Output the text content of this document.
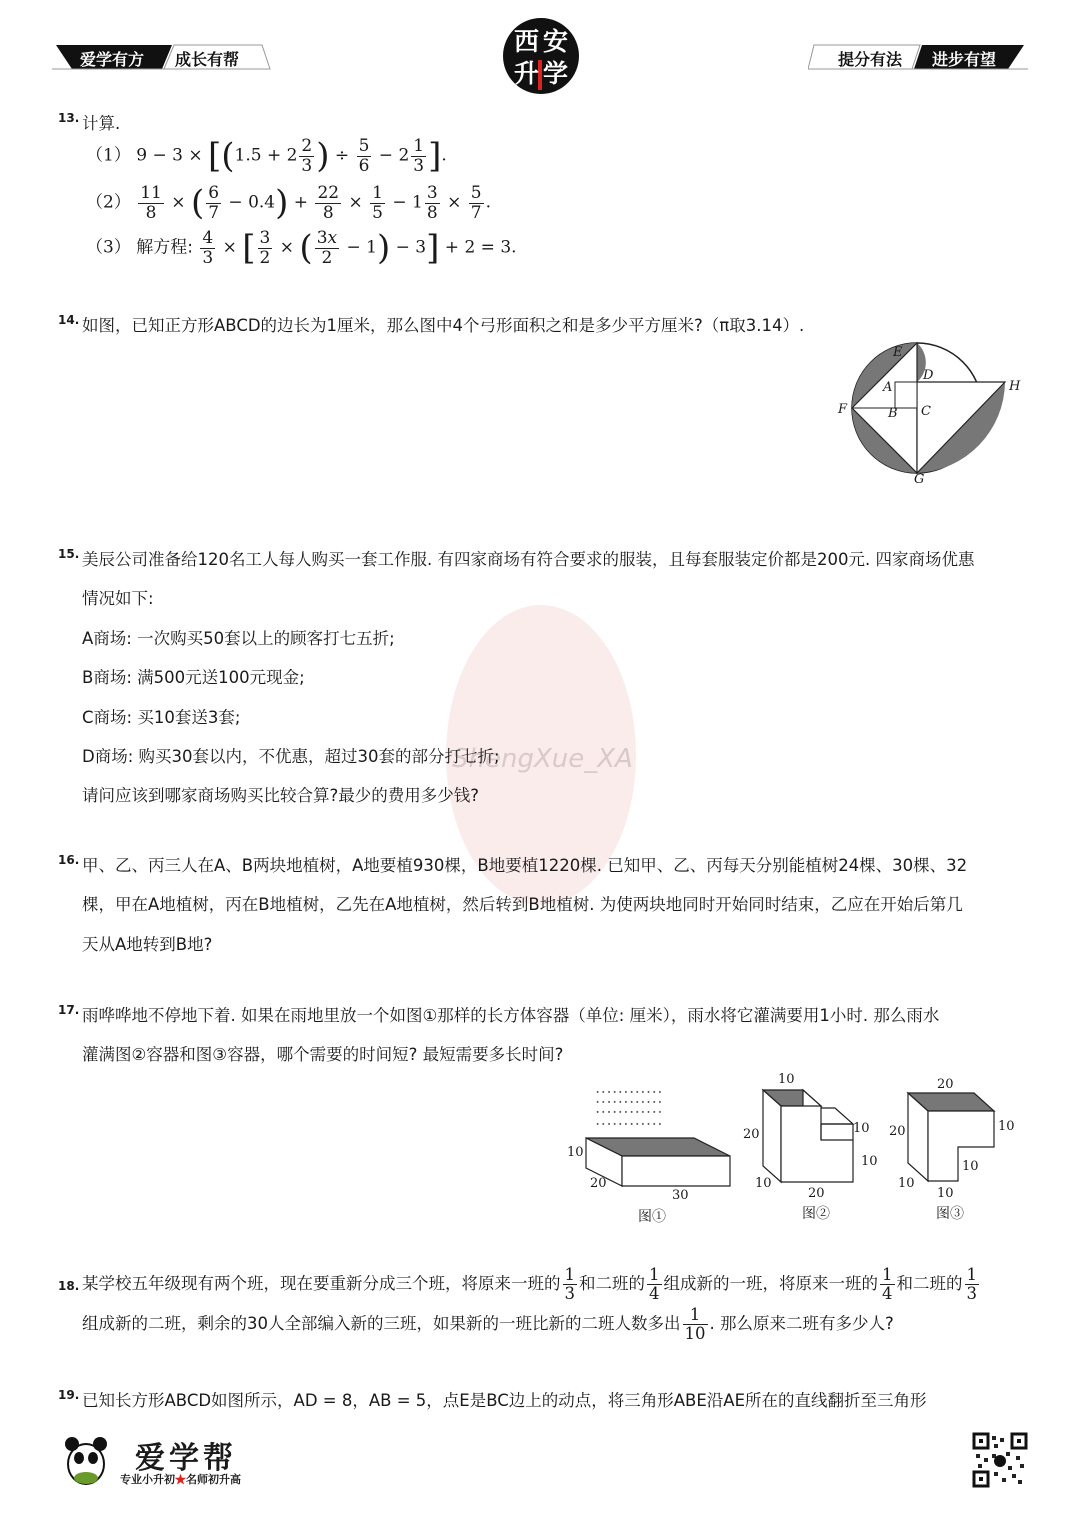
爱学有方 成长有帮
西 安
升 学	提分有法 进步有望
ShengXue_XA
13. 计算.
（1） $9 - 3 \times [(1.5 + 2 \frac{2}{3}$ ) ÷ $\frac{5}{6} - 2 \frac{1}{3}$ ].
$(2) \frac{11}{8}$ × ( $\frac{6}{7} - 0.4) + \frac{22}{8} \times \frac{1}{5} - 1 \frac{3}{8} \times \frac{5}{7}$ .
（3） 解方程: $\frac{4}{3}$ × [ $\frac{3}{2}$ × ( $\frac{3x}{2} - 1) - 3] + 2 = 3$.
14. 如图，已知正方形ABCD的边长为1厘米，那么图中4个弓形面积之和是多少平方厘米?（π取3.14）.
E
D
H
A
F	B C
G
15. 美辰公司准备给120名工人每人购买一套工作服. 有四家商场有符合要求的服装，且每套服装定价都是200元. 四家商场优惠
情况如下:
A商场: 一次购买50套以上的顾客打七五折;
B商场: 满500元送100元现金;
C商场: 买10套送3套;
D商场: 购买30套以内，不优惠，超过30套的部分打七折;
请问应该到哪家商场购买比较合算?最少的费用多少钱?
16. 甲、乙、丙三人在A、B两块地植树，A地要植930棵，B地要植1220棵. 已知甲、乙、丙每天分别能植树24棵、30棵、32
棵，甲在A地植树，丙在B地植树，乙先在A地植树，然后转到B地植树. 为使两块地同时开始同时结束，乙应在开始后第几
天从A地转到B地?
17. 雨哗哗地不停地下着. 如果在雨地里放一个如图①那样的长方体容器（单位: 厘米），雨水将它灌满要用1小时. 那么雨水
灌满图②容器和图③容器，哪个需要的时间短? 最短需要多长时间?
∙ ∙ ∙ ∙ ∙ ∙ ∙ ∙ ∙ ∙ ∙ ∙
∙ ∙ ∙ ∙ ∙ ∙ ∙ ∙ ∙ ∙ ∙ ∙
∙ ∙ ∙ ∙ ∙ ∙ ∙ ∙ ∙ ∙ ∙ ∙
∙ ∙ ∙ ∙ ∙ ∙ ∙ ∙ ∙ ∙ ∙ ∙
10
20
30
图①
10
20	10
10
10
20
图②
20
20	10
10
10
10
图③
18. 某学校五年级现有两个班，现在要重新分成三个班，将原来一班的 $\frac{1}{3}$ 和二班的 $\frac{1}{4}$ 组成新的一班，将原来一班的 $\frac{1}{4}$ 和二班的 $\frac{1}{3}$
组成新的二班，剩余的30人全部编入新的三班，如果新的一班比新的二班人数多出 $\frac{1}{10}$ . 那么原来二班有多少人?
19. 已知长方形ABCD如图所示，AD = 8，AB = 5，点E是BC边上的动点，将三角形ABE沿AE所在的直线翻折至三角形
爱学帮
专业小升初★名师初升高
